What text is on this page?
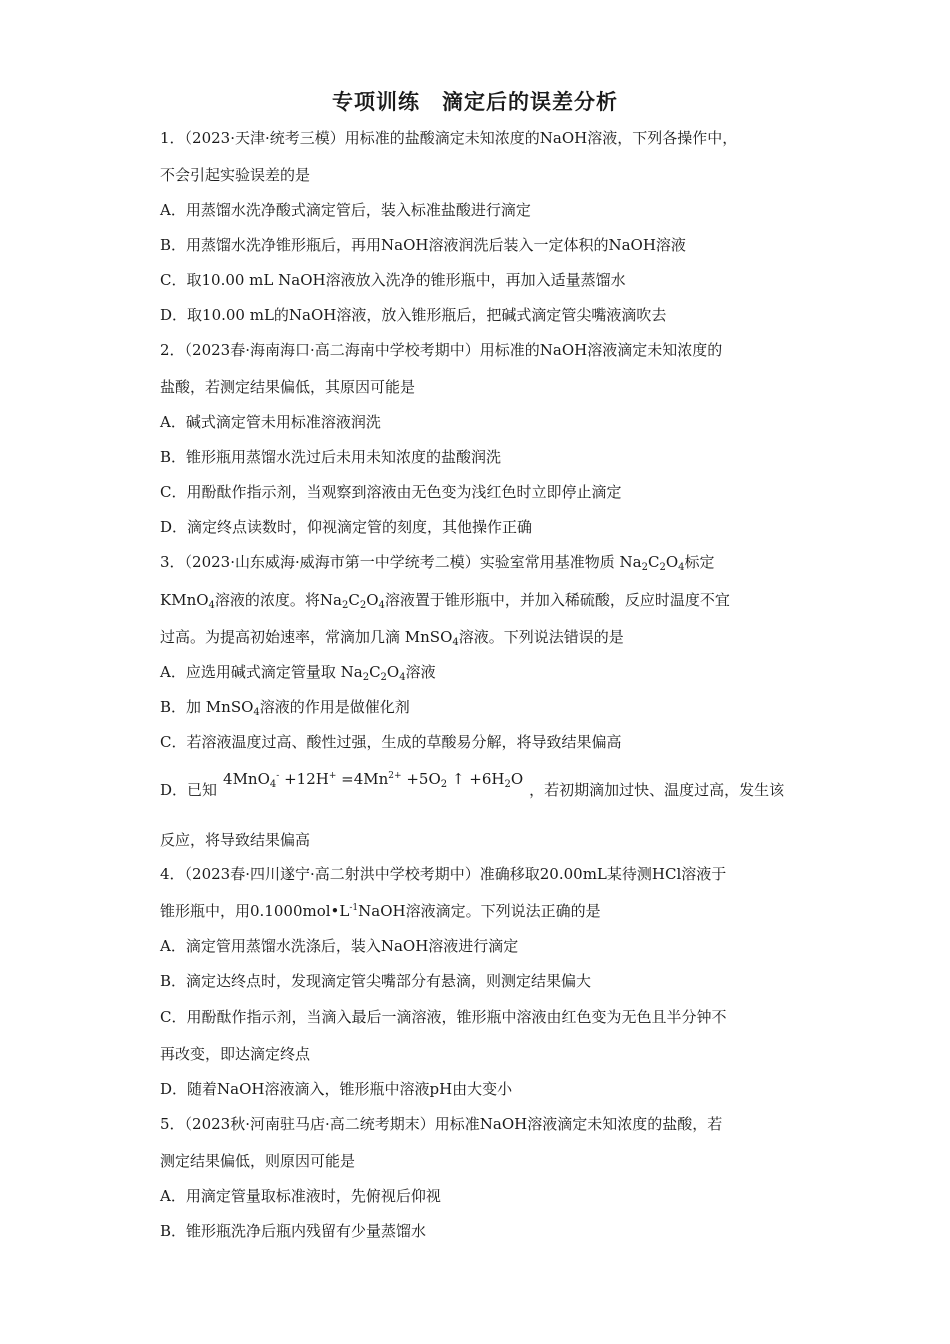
专项训练　滴定后的误差分析
1．（2023·天津·统考三模）用标准的盐酸滴定未知浓度的NaOH溶液，下列各操作中，
不会引起实验误差的是
A．用蒸馏水洗净酸式滴定管后，装入标准盐酸进行滴定
B．用蒸馏水洗净锥形瓶后，再用NaOH溶液润洗后装入一定体积的NaOH溶液
C．取10.00 mL NaOH溶液放入洗净的锥形瓶中，再加入适量蒸馏水
D．取10.00 mL的NaOH溶液，放入锥形瓶后，把碱式滴定管尖嘴液滴吹去
2．（2023春·海南海口·高二海南中学校考期中）用标准的NaOH溶液滴定未知浓度的
盐酸，若测定结果偏低，其原因可能是
A．碱式滴定管未用标准溶液润洗
B．锥形瓶用蒸馏水洗过后未用未知浓度的盐酸润洗
C．用酚酞作指示剂，当观察到溶液由无色变为浅红色时立即停止滴定
D．滴定终点读数时，仰视滴定管的刻度，其他操作正确
3．（2023·山东威海·威海市第一中学统考二模）实验室常用基准物质 $Na_2C_2O_4$标定
KMnO$_4$溶液的浓度。将$Na_2C_2O_4$溶液置于锥形瓶中，并加入稀硫酸，反应时温度不宜
过高。为提高初始速率，常滴加几滴 MnSO$_4$溶液。下列说法错误的是
A．应选用碱式滴定管量取 $Na_2C_2O_4$溶液
B．加 MnSO$_4$溶液的作用是做催化剂
C．若溶液温度过高、酸性过强，生成的草酸易分解，将导致结果偏高
D．已知$4MnO_4^- +12H^+ =4Mn^{2+} +5O_2$ ↑ $+6H_2O$，若初期滴加过快、温度过高，发生该
反应，将导致结果偏高
4．（2023春·四川遂宁·高二射洪中学校考期中）准确移取20.00mL某待测HCl溶液于
锥形瓶中，用$0.1000mol•L^{-1}NaOH$溶液滴定。下列说法正确的是
A．滴定管用蒸馏水洗涤后，装入NaOH溶液进行滴定
B．滴定达终点时，发现滴定管尖嘴部分有悬滴，则测定结果偏大
C．用酚酞作指示剂，当滴入最后一滴溶液，锥形瓶中溶液由红色变为无色且半分钟不
再改变，即达滴定终点
D．随着NaOH溶液滴入，锥形瓶中溶液pH由大变小
5．（2023秋·河南驻马店·高二统考期末）用标准NaOH溶液滴定未知浓度的盐酸，若
测定结果偏低，则原因可能是
A．用滴定管量取标准液时，先俯视后仰视
B．锥形瓶洗净后瓶内残留有少量蒸馏水
